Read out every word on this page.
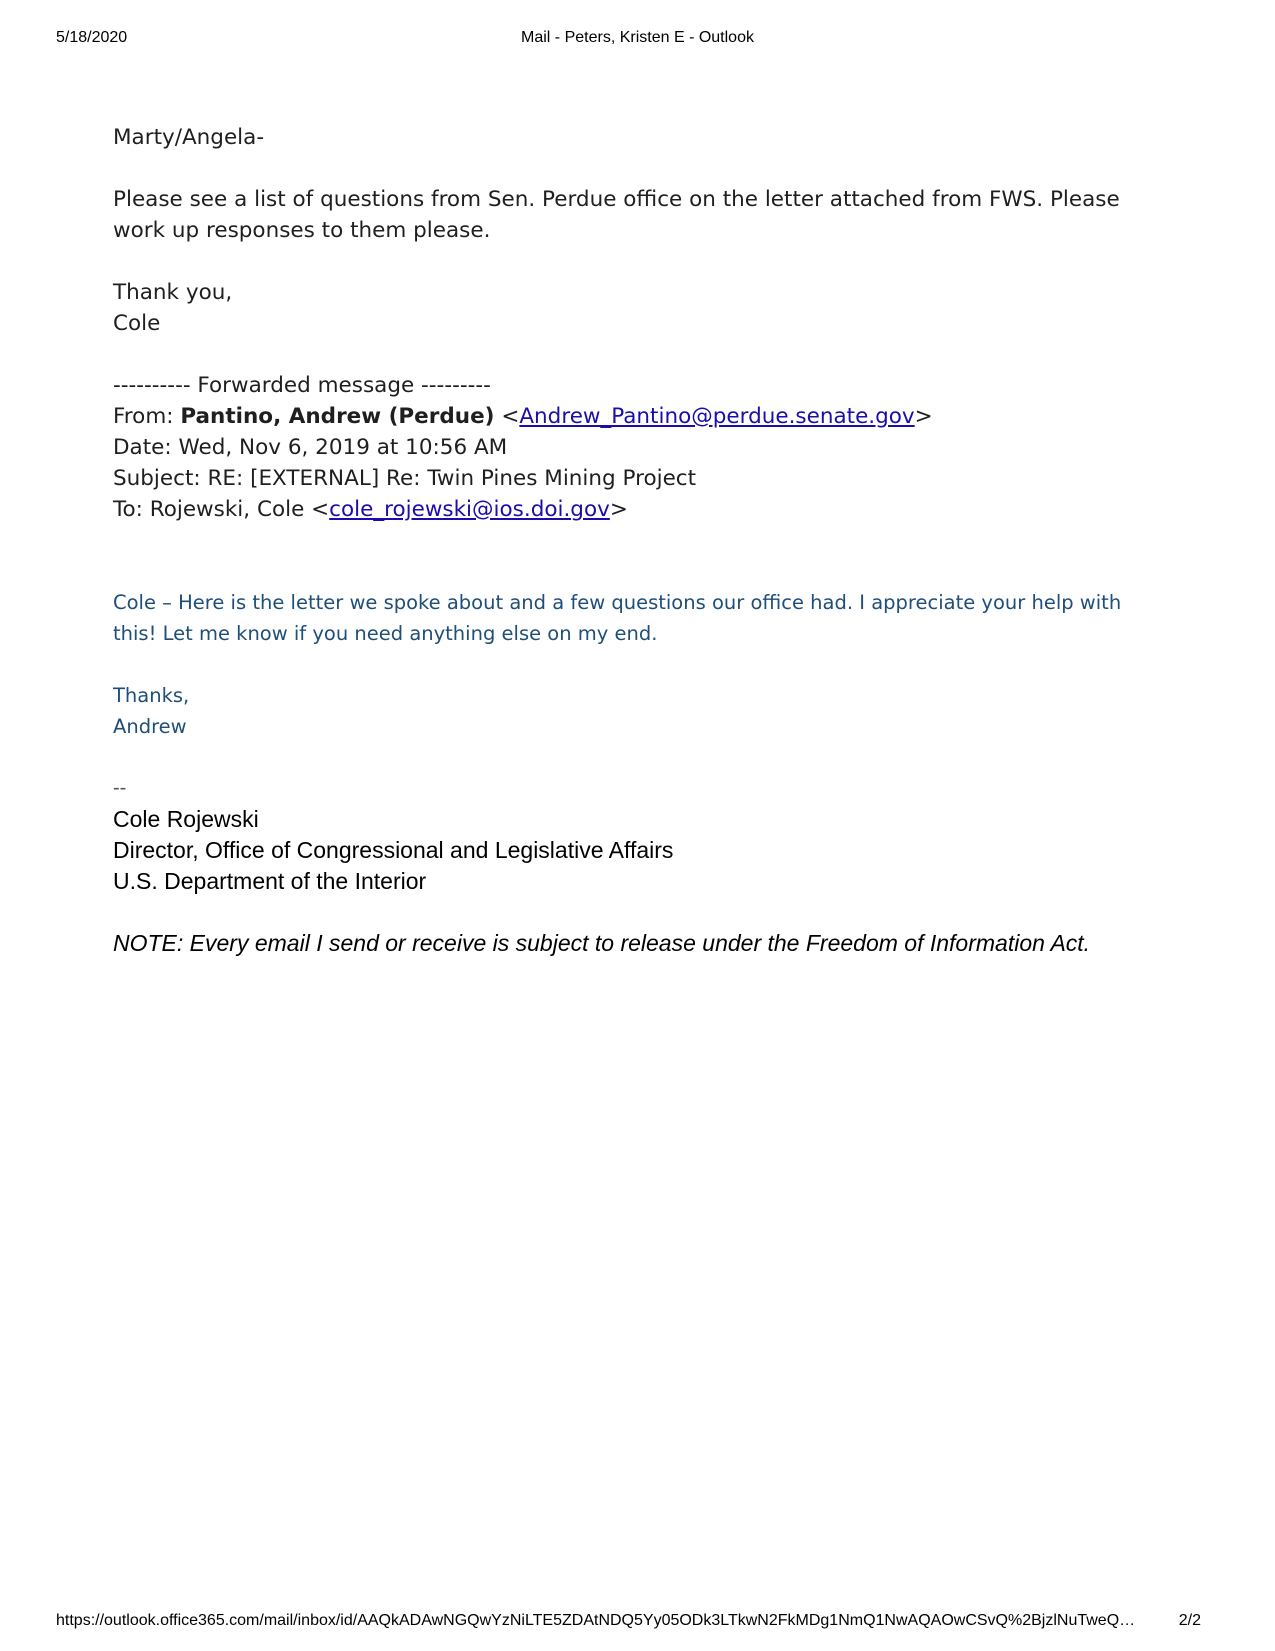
5/18/2020	Mail - Peters, Kristen E - Outlook

Marty/Angela-

Please see a list of questions from Sen. Perdue office on the letter attached from FWS. Please work up responses to them please.

Thank you,

Cole

---------- Forwarded message ---------

From: Pantino, Andrew (Perdue) <Andrew_Pantino@perdue.senate.gov>

Date: Wed, Nov 6, 2019 at 10:56 AM

Subject: RE: [EXTERNAL] Re: Twin Pines Mining Project

To: Rojewski, Cole <cole_rojewski@ios.doi.gov>

Cole – Here is the letter we spoke about and a few questions our office had. I appreciate your help with this! Let me know if you need anything else on my end.

Thanks,

Andrew

--

Cole Rojewski

Director, Office of Congressional and Legislative Affairs

U.S. Department of the Interior

NOTE: Every email I send or receive is subject to release under the Freedom of Information Act.

https://outlook.office365.com/mail/inbox/id/AAQkADAwNGQwYzNiLTE5ZDAtNDQ5Yy05ODk3LTkwN2FkMDg1NmQ1NwAQAOwCSvQ%2BjzlNuTweQ…	2/2
